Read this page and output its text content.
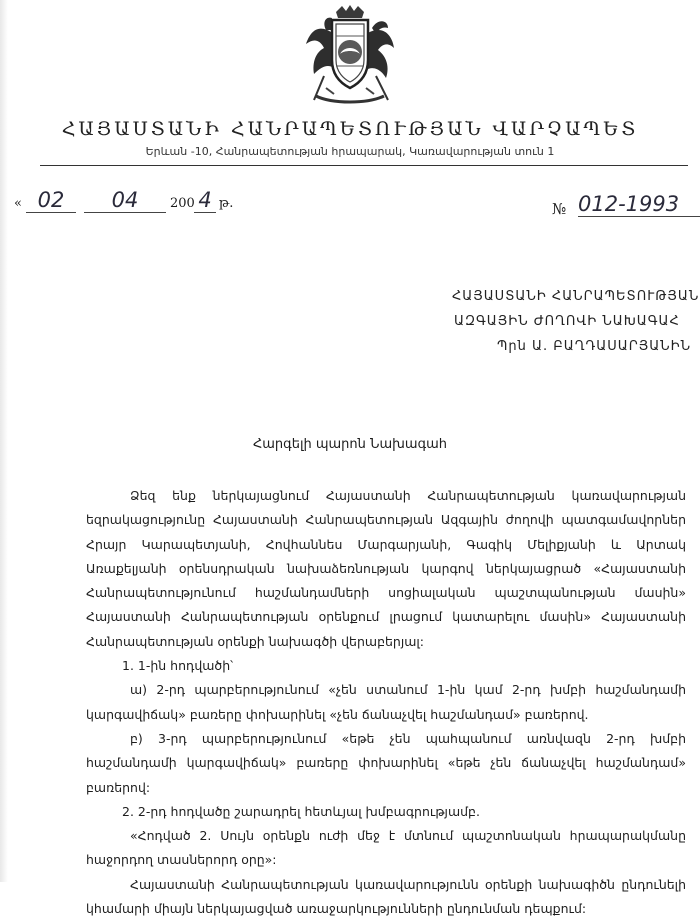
ՀԱՅԱՍՏԱՆԻ ՀԱՆՐԱՊԵՏՈՒԹՅԱՆ ՎԱՐՉԱՊԵՏ
Երևան -10, Հանրապետության հրապարակ, Կառավարության տուն 1
« 02	04	200 4 թ.	№ 012-1993
ՀԱՅԱՍՏԱՆԻ ՀԱՆՐԱՊԵՏՈՒԹՅԱՆ
ԱԶԳԱՅԻՆ ԺՈՂՈՎԻ ՆԱԽԱԳԱՀ
Պրն Ա. ԲԱՂԴԱՍԱՐՅԱՆԻՆ
Հարգելի պարոն Նախագահ

Ձեզ ենք ներկայացնում Հայաստանի Հանրապետության կառավարության եզրակացությունը Հայաստանի Հանրապետության Ազգային ժողովի պատգամավորներ Հրայր Կարապետյանի, Հովհաննես Մարգարյանի, Գագիկ Մելիքյանի և Արտակ Առաքելյանի օրենսդրական նախաձեռնության կարգով ներկայացրած «Հայաստանի Հանրապետությունում հաշմանդամների սոցիալական պաշտպանության մասին» Հայաստանի Հանրապետության օրենքում լրացում կատարելու մասին» Հայաստանի Հանրապետության օրենքի նախագծի վերաբերյալ:

1. 1-ին հոդվածի՝

ա) 2-րդ պարբերությունում «չեն ստանում 1-ին կամ 2-րդ խմբի հաշմանդամի կարգավիճակ» բառերը փոխարինել «չեն ճանաչվել հաշմանդամ» բառերով.

բ) 3-րդ պարբերությունում «եթե չեն պահպանում առնվազն 2-րդ խմբի հաշմանդամի կարգավիճակ» բառերը փոխարինել «եթե չեն ճանաչվել հաշմանդամ» բառերով:

2. 2-րդ հոդվածը շարադրել հետևյալ խմբագրությամբ.

«Հոդված 2. Սույն օրենքն ուժի մեջ է մտնում պաշտոնական հրապարակմանը հաջորդող տասներորդ օրը»:

Հայաստանի Հանրապետության կառավարությունն օրենքի նախագիծն ընդունելի կհամարի միայն ներկայացված առաջարկությունների ընդունման դեպքում:
